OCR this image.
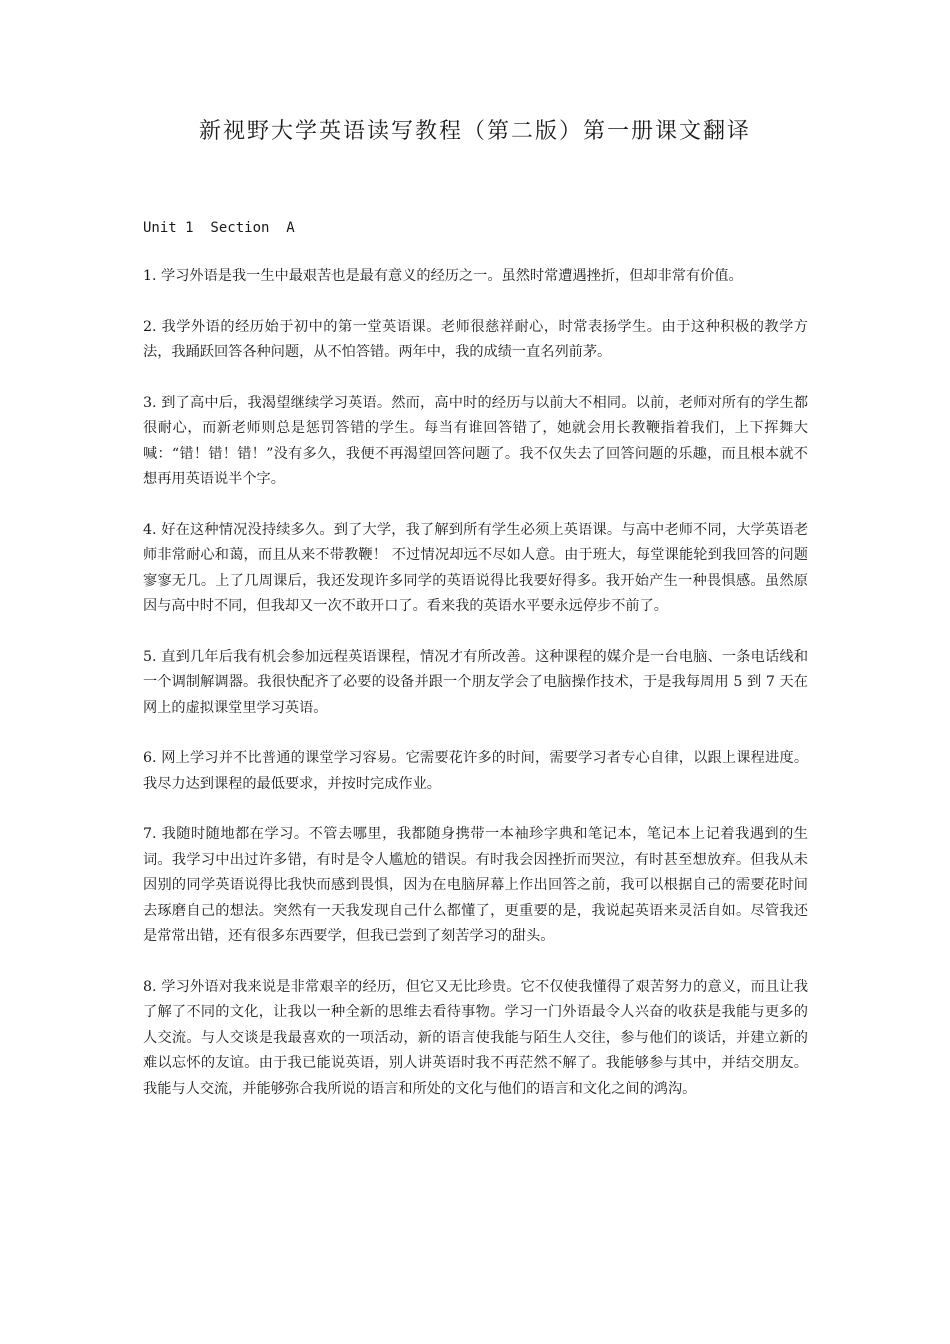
新视野大学英语读写教程（第二版）第一册课文翻译

Unit 1  Section  A

1. 学习外语是我一生中最艰苦也是最有意义的经历之一。虽然时常遭遇挫折，但却非常有价值。

2. 我学外语的经历始于初中的第一堂英语课。老师很慈祥耐心，时常表扬学生。由于这种积极的教学方法，我踊跃回答各种问题，从不怕答错。两年中，我的成绩一直名列前茅。

3. 到了高中后，我渴望继续学习英语。然而，高中时的经历与以前大不相同。以前，老师对所有的学生都很耐心，而新老师则总是惩罚答错的学生。每当有谁回答错了，她就会用长教鞭指着我们，上下挥舞大喊：“错！错！错！”没有多久，我便不再渴望回答问题了。我不仅失去了回答问题的乐趣，而且根本就不想再用英语说半个字。

4. 好在这种情况没持续多久。到了大学，我了解到所有学生必须上英语课。与高中老师不同，大学英语老师非常耐心和蔼，而且从来不带教鞭！ 不过情况却远不尽如人意。由于班大，每堂课能轮到我回答的问题寥寥无几。上了几周课后，我还发现许多同学的英语说得比我要好得多。我开始产生一种畏惧感。虽然原因与高中时不同，但我却又一次不敢开口了。看来我的英语水平要永远停步不前了。

5. 直到几年后我有机会参加远程英语课程，情况才有所改善。这种课程的媒介是一台电脑、一条电话线和一个调制解调器。我很快配齐了必要的设备并跟一个朋友学会了电脑操作技术，于是我每周用 5 到 7 天在网上的虚拟课堂里学习英语。

6. 网上学习并不比普通的课堂学习容易。它需要花许多的时间，需要学习者专心自律，以跟上课程进度。我尽力达到课程的最低要求，并按时完成作业。

7. 我随时随地都在学习。不管去哪里，我都随身携带一本袖珍字典和笔记本，笔记本上记着我遇到的生词。我学习中出过许多错，有时是令人尴尬的错误。有时我会因挫折而哭泣，有时甚至想放弃。但我从未因别的同学英语说得比我快而感到畏惧，因为在电脑屏幕上作出回答之前，我可以根据自己的需要花时间去琢磨自己的想法。突然有一天我发现自己什么都懂了，更重要的是，我说起英语来灵活自如。尽管我还是常常出错，还有很多东西要学，但我已尝到了刻苦学习的甜头。

8. 学习外语对我来说是非常艰辛的经历，但它又无比珍贵。它不仅使我懂得了艰苦努力的意义，而且让我了解了不同的文化，让我以一种全新的思维去看待事物。学习一门外语最令人兴奋的收获是我能与更多的人交流。与人交谈是我最喜欢的一项活动，新的语言使我能与陌生人交往，参与他们的谈话，并建立新的难以忘怀的友谊。由于我已能说英语，别人讲英语时我不再茫然不解了。我能够参与其中，并结交朋友。我能与人交流，并能够弥合我所说的语言和所处的文化与他们的语言和文化之间的鸿沟。
